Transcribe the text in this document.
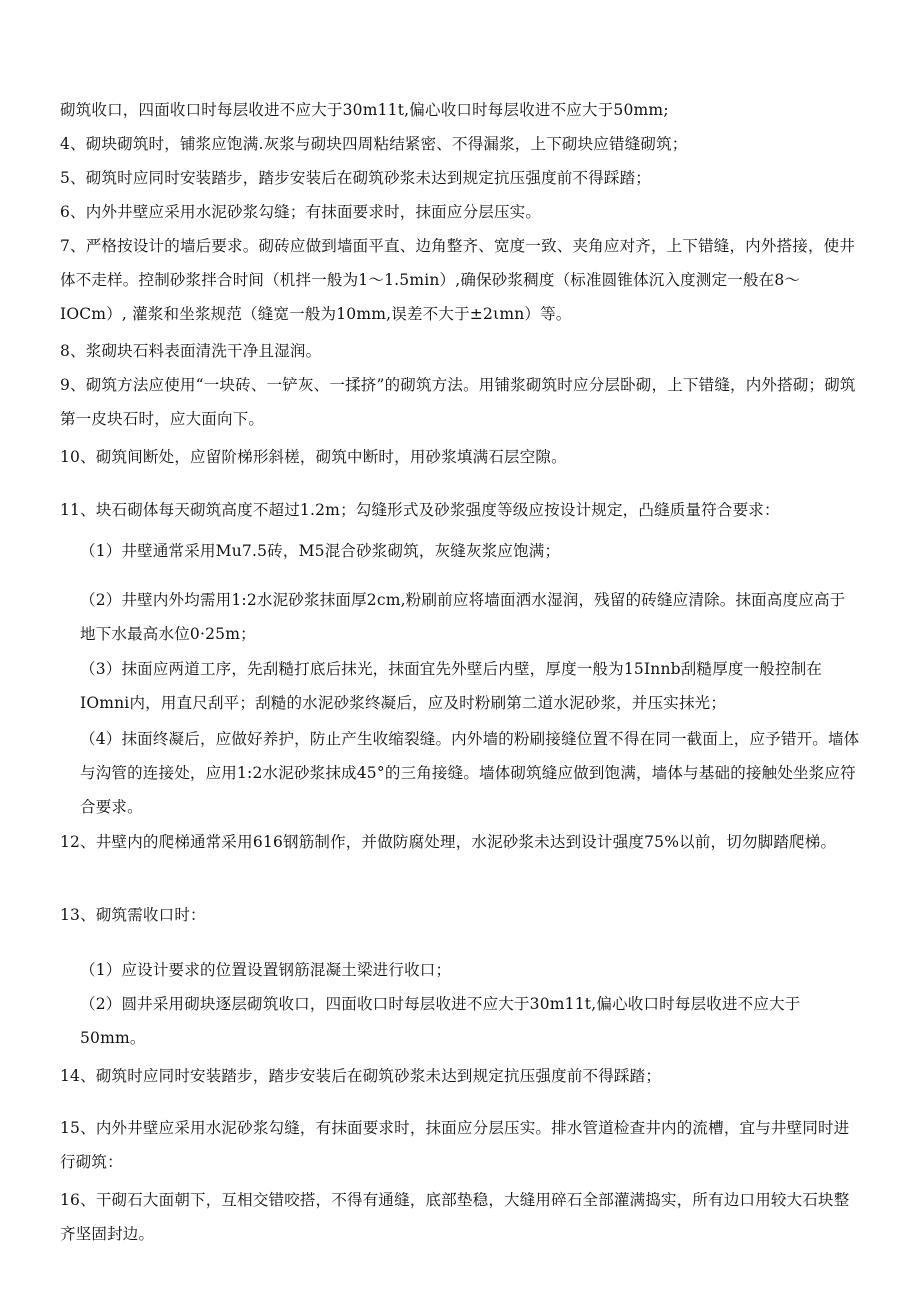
砌筑收口，四面收口时每层收进不应大于30m11t,偏心收口时每层收进不应大于50mm;

4、砌块砌筑时，铺浆应饱满.灰浆与砌块四周粘结紧密、不得漏浆，上下砌块应错缝砌筑；

5、砌筑时应同时安装踏步，踏步安装后在砌筑砂浆未达到规定抗压强度前不得踩踏；

6、内外井壁应采用水泥砂浆勾缝；有抹面要求时，抹面应分层压实。

7、严格按设计的墙后要求。砌砖应做到墙面平直、边角整齐、宽度一致、夹角应对齐，上下错缝，内外搭接，使井体不走样。控制砂浆拌合时间（机拌一般为1～1.5min）,确保砂浆稠度（标准圆锥体沉入度测定一般在8～IOCm）, 灌浆和坐浆规范（缝宽一般为10mm,误差不大于±2ιmn）等。

8、浆砌块石料表面清洗干净且湿润。

9、砌筑方法应使用“一块砖、一铲灰、一揉挤”的砌筑方法。用铺浆砌筑时应分层卧砌，上下错缝，内外搭砌；砌筑第一皮块石时，应大面向下。

10、砌筑间断处，应留阶梯形斜槎，砌筑中断时，用砂浆填满石层空隙。

11、块石砌体每天砌筑高度不超过1.2m；勾缝形式及砂浆强度等级应按设计规定，凸缝质量符合要求：

（1）井壁通常采用Mu7.5砖，M5混合砂浆砌筑，灰缝灰浆应饱满；

（2）井壁内外均需用1:2水泥砂浆抹面厚2cm,粉刷前应将墙面洒水湿润，残留的砖缝应清除。抹面高度应高于地下水最高水位0·25m；

（3）抹面应两道工序，先刮糙打底后抹光，抹面宜先外壁后内壁，厚度一般为15Innb刮糙厚度一般控制在IOmni内，用直尺刮平；刮糙的水泥砂浆终凝后，应及时粉刷第二道水泥砂浆，并压实抹光；

（4）抹面终凝后，应做好养护，防止产生收缩裂缝。内外墙的粉刷接缝位置不得在同一截面上，应予错开。墙体与沟管的连接处，应用1:2水泥砂浆抹成45°的三角接缝。墙体砌筑缝应做到饱满，墙体与基础的接触处坐浆应符合要求。

12、井壁内的爬梯通常采用616钢筋制作，并做防腐处理，水泥砂浆未达到设计强度75%以前，切勿脚踏爬梯。

13、砌筑需收口时：

（1）应设计要求的位置设置钢筋混凝土梁进行收口；

（2）圆井采用砌块逐层砌筑收口，四面收口时每层收进不应大于30m11t,偏心收口时每层收进不应大于50mm。

14、砌筑时应同时安装踏步，踏步安装后在砌筑砂浆未达到规定抗压强度前不得踩踏；

15、内外井壁应采用水泥砂浆勾缝，有抹面要求时，抹面应分层压实。排水管道检查井内的流槽，宜与井壁同时进行砌筑：

16、干砌石大面朝下，互相交错咬搭，不得有通缝，底部垫稳，大缝用碎石全部灌满捣实，所有边口用较大石块整齐坚固封边。
